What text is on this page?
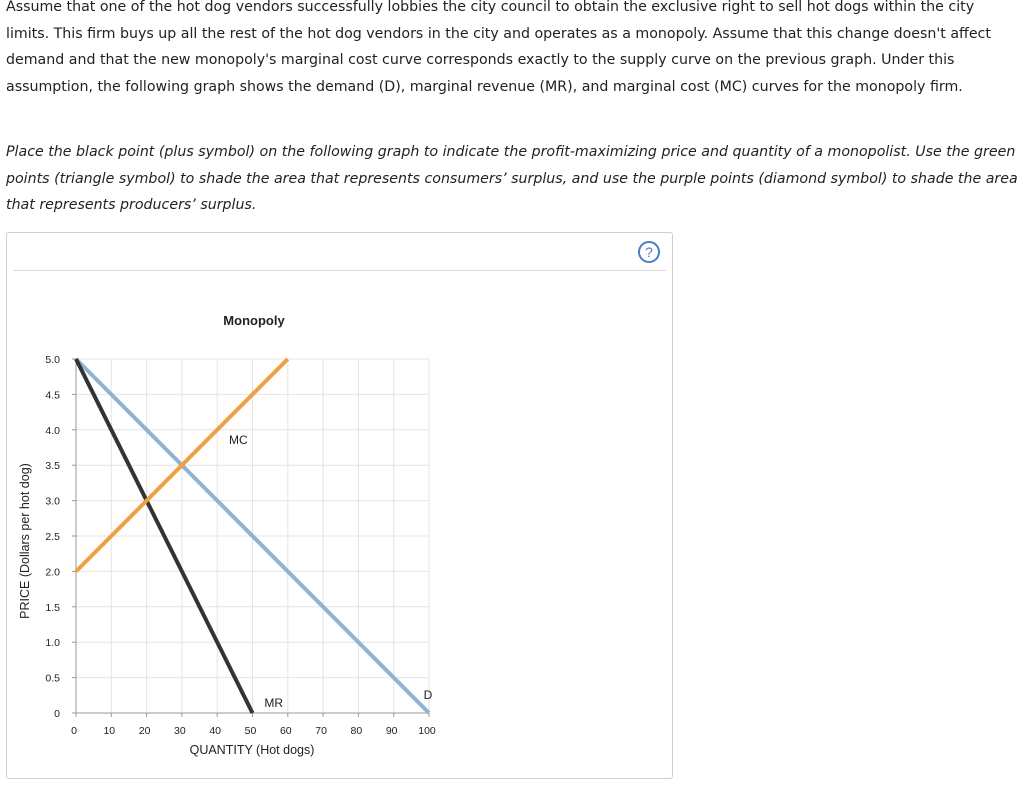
Assume that one of the hot dog vendors successfully lobbies the city council to obtain the exclusive right to sell hot dogs within the city limits. This firm buys up all the rest of the hot dog vendors in the city and operates as a monopoly. Assume that this change doesn't affect demand and that the new monopoly's marginal cost curve corresponds exactly to the supply curve on the previous graph. Under this assumption, the following graph shows the demand (D), marginal revenue (MR), and marginal cost (MC) curves for the monopoly firm.

Place the black point (plus symbol) on the following graph to indicate the profit-maximizing price and quantity of a monopolist. Use the green points (triangle symbol) to shade the area that represents consumers’ surplus, and use the purple points (diamond symbol) to shade the area that represents producers’ surplus.

?
Monopoly
QUANTITY (Hot dogs)
PRICE (Dollars per hot dog)
0
0.5
1.0
1.5
2.0
2.5
3.0
3.5
4.0
4.5
5.0
0	10 20 30 40 50 60 70 80 90 100
D
MR
MC
